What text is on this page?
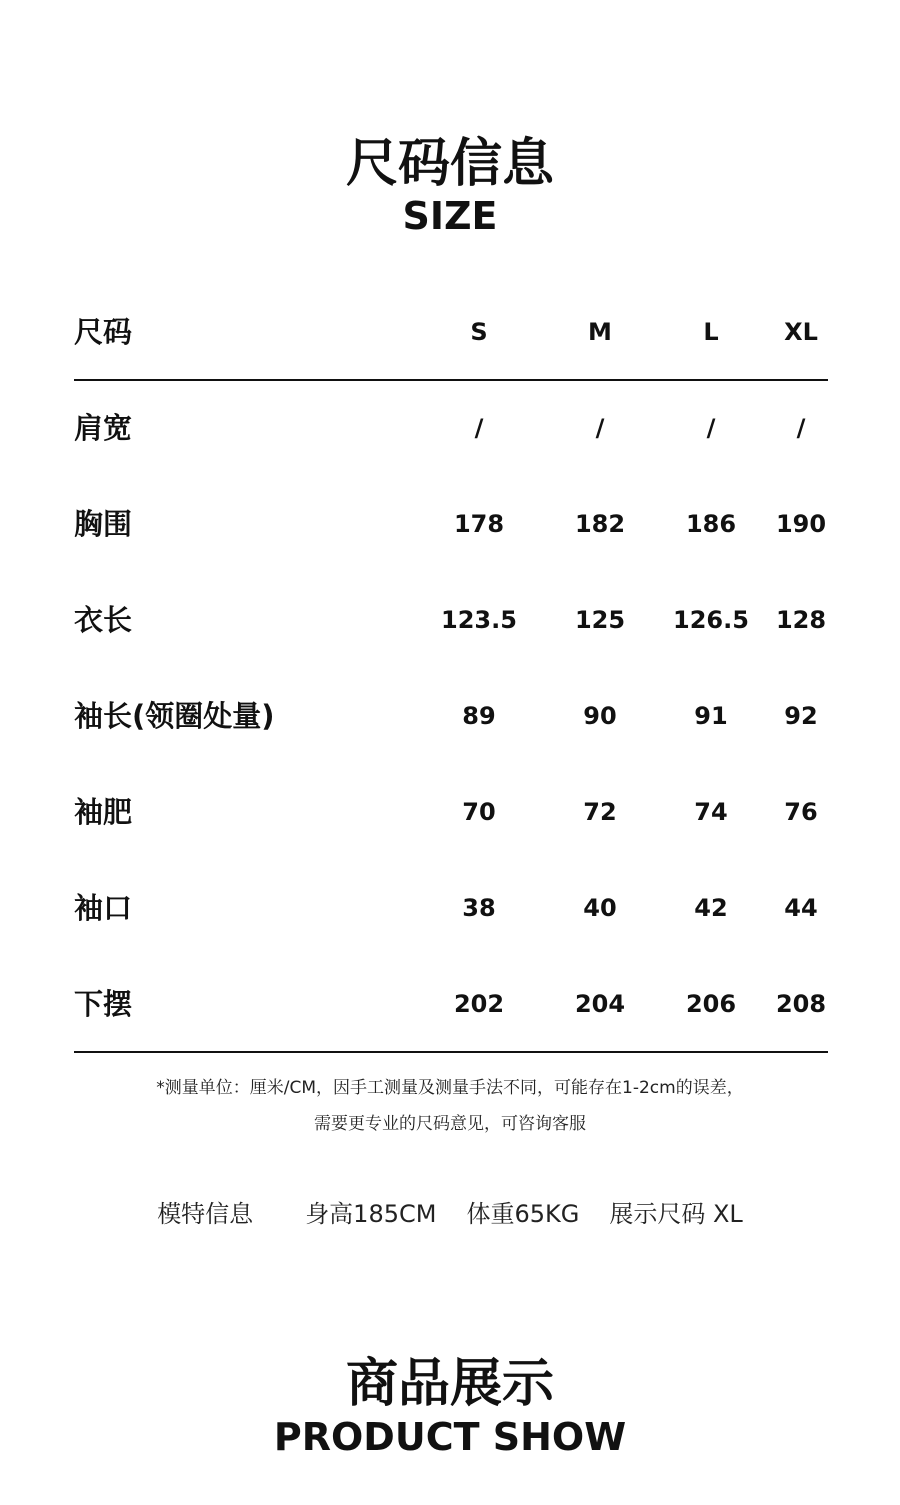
尺码信息
SIZE
尺码	S	M	L	XL
肩宽	/	/	/	/
胸围	178	182	186	190
衣长	123.5	125	126.5	128
袖长(领圈处量)	89	90	91	92
袖肥	70	72	74	76
袖口	38	40	42	44
下摆	202	204	206	208
*测量单位：厘米/CM，因手工测量及测量手法不同，可能存在1-2cm的误差，
需要更专业的尺码意见，可咨询客服
模特信息 身高185CM 体重65KG 展示尺码 XL
商品展示
PRODUCT SHOW
